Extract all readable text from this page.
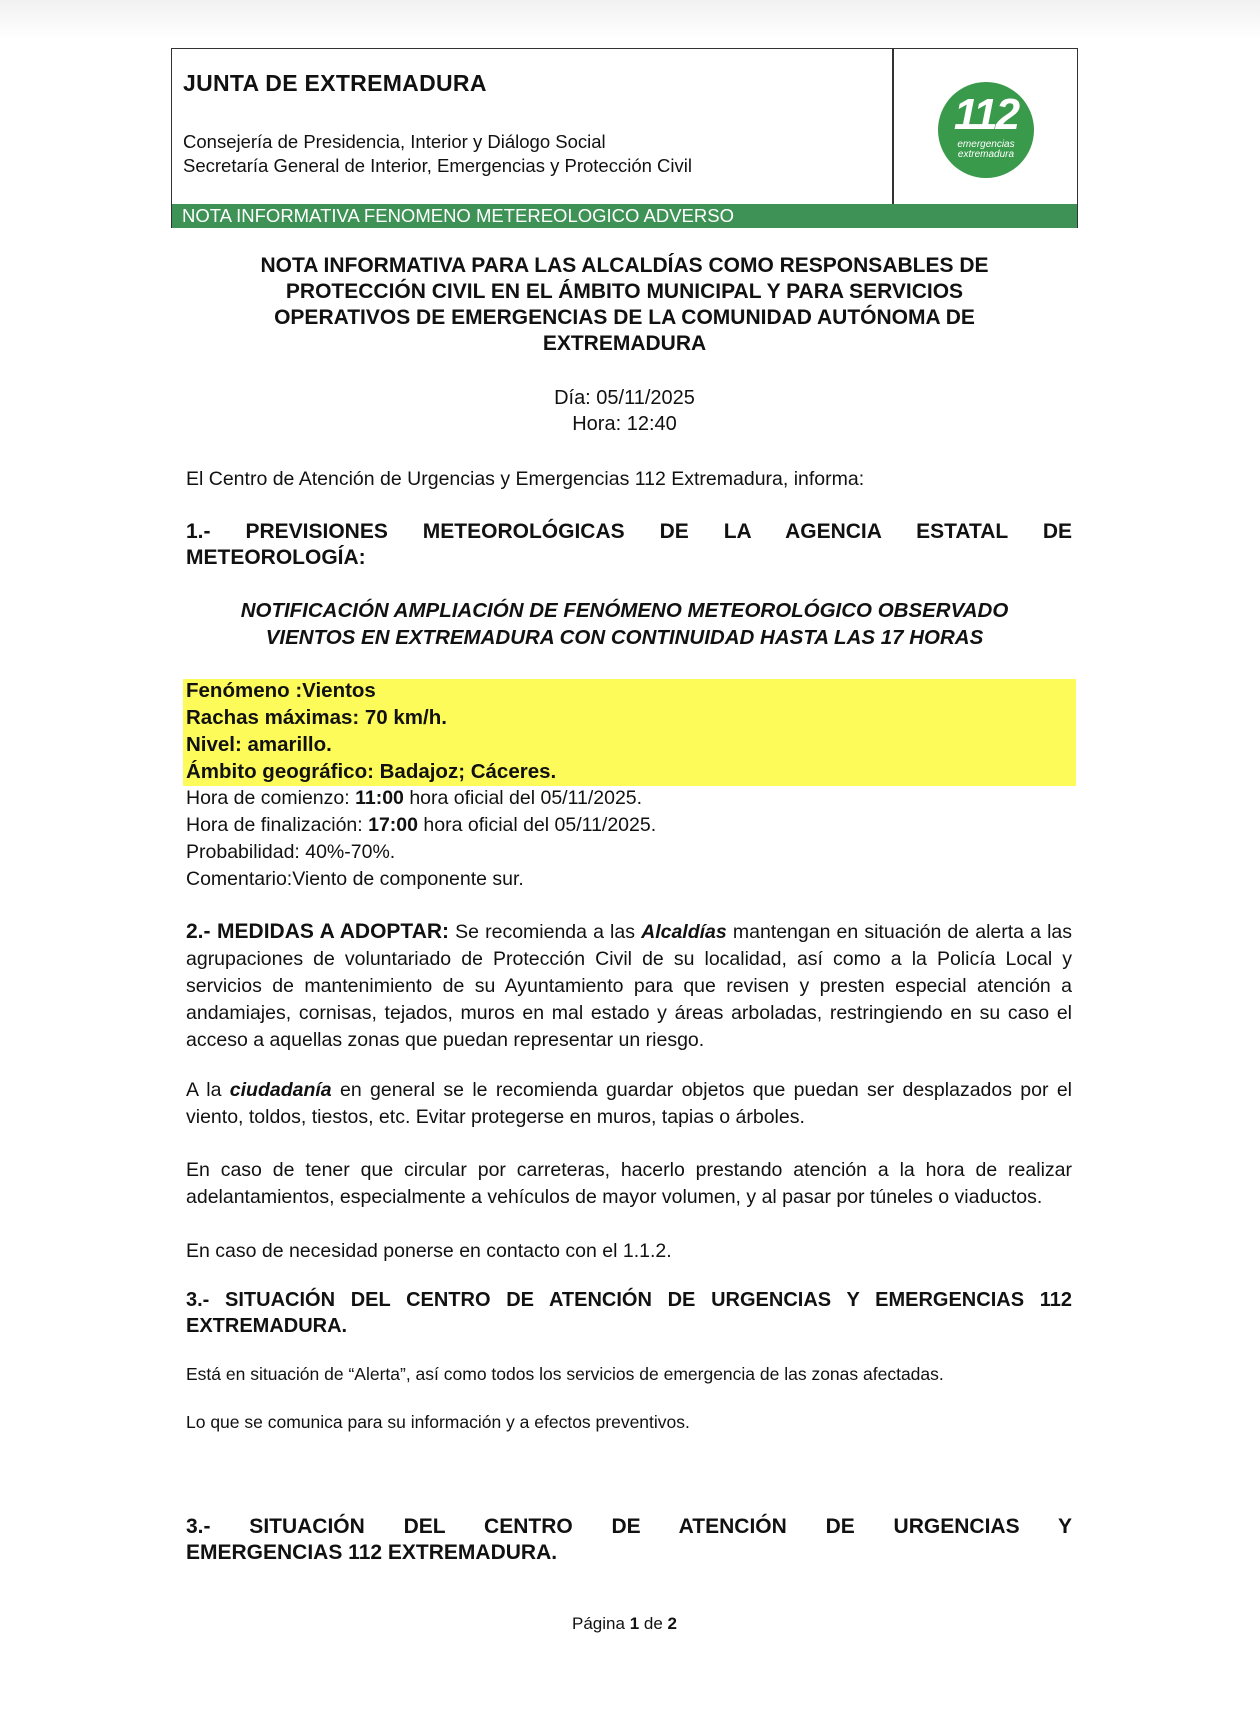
JUNTA DE EXTREMADURA
Consejería de Presidencia, Interior y Diálogo Social
Secretaría General de Interior, Emergencias y Protección Civil
NOTA INFORMATIVA FENOMENO METEREOLOGICO ADVERSO
112
emergencias
extremadura
NOTA INFORMATIVA PARA LAS ALCALDÍAS COMO RESPONSABLES DE
PROTECCIÓN CIVIL EN EL ÁMBITO MUNICIPAL Y PARA SERVICIOS
OPERATIVOS DE EMERGENCIAS DE LA COMUNIDAD AUTÓNOMA DE
EXTREMADURA
Día: 05/11/2025
Hora: 12:40
El Centro de Atención de Urgencias y Emergencias 112 Extremadura, informa:
1.- PREVISIONES METEOROLÓGICAS DE LA AGENCIA ESTATAL DE
METEOROLOGÍA:
NOTIFICACIÓN AMPLIACIÓN DE FENÓMENO METEOROLÓGICO OBSERVADO
VIENTOS EN EXTREMADURA CON CONTINUIDAD HASTA LAS 17 HORAS
Fenómeno :Vientos
Rachas máximas: 70 km/h.
Nivel: amarillo.
Ámbito geográfico: Badajoz; Cáceres.
Hora de comienzo: 11:00 hora oficial del 05/11/2025.
Hora de finalización: 17:00 hora oficial del 05/11/2025.
Probabilidad: 40%-70%.
Comentario:Viento de componente sur.
2.- MEDIDAS A ADOPTAR: Se recomienda a las Alcaldías mantengan en situación de alerta a las agrupaciones de voluntariado de Protección Civil de su localidad, así como a la Policía Local y servicios de mantenimiento de su Ayuntamiento para que revisen y presten especial atención a andamiajes, cornisas, tejados, muros en mal estado y áreas arboladas, restringiendo en su caso el acceso a aquellas zonas que puedan representar un riesgo.
A la ciudadanía en general se le recomienda guardar objetos que puedan ser desplazados por el viento, toldos, tiestos, etc. Evitar protegerse en muros, tapias o árboles.
En caso de tener que circular por carreteras, hacerlo prestando atención a la hora de realizar adelantamientos, especialmente a vehículos de mayor volumen, y al pasar por túneles o viaductos.
En caso de necesidad ponerse en contacto con el 1.1.2.
3.- SITUACIÓN DEL CENTRO DE ATENCIÓN DE URGENCIAS Y EMERGENCIAS 112
EXTREMADURA.
Está en situación de “Alerta”, así como todos los servicios de emergencia de las zonas afectadas.
Lo que se comunica para su información y a efectos preventivos.
3.- SITUACIÓN DEL CENTRO DE ATENCIÓN DE URGENCIAS Y
EMERGENCIAS 112 EXTREMADURA.
Página 1 de 2
